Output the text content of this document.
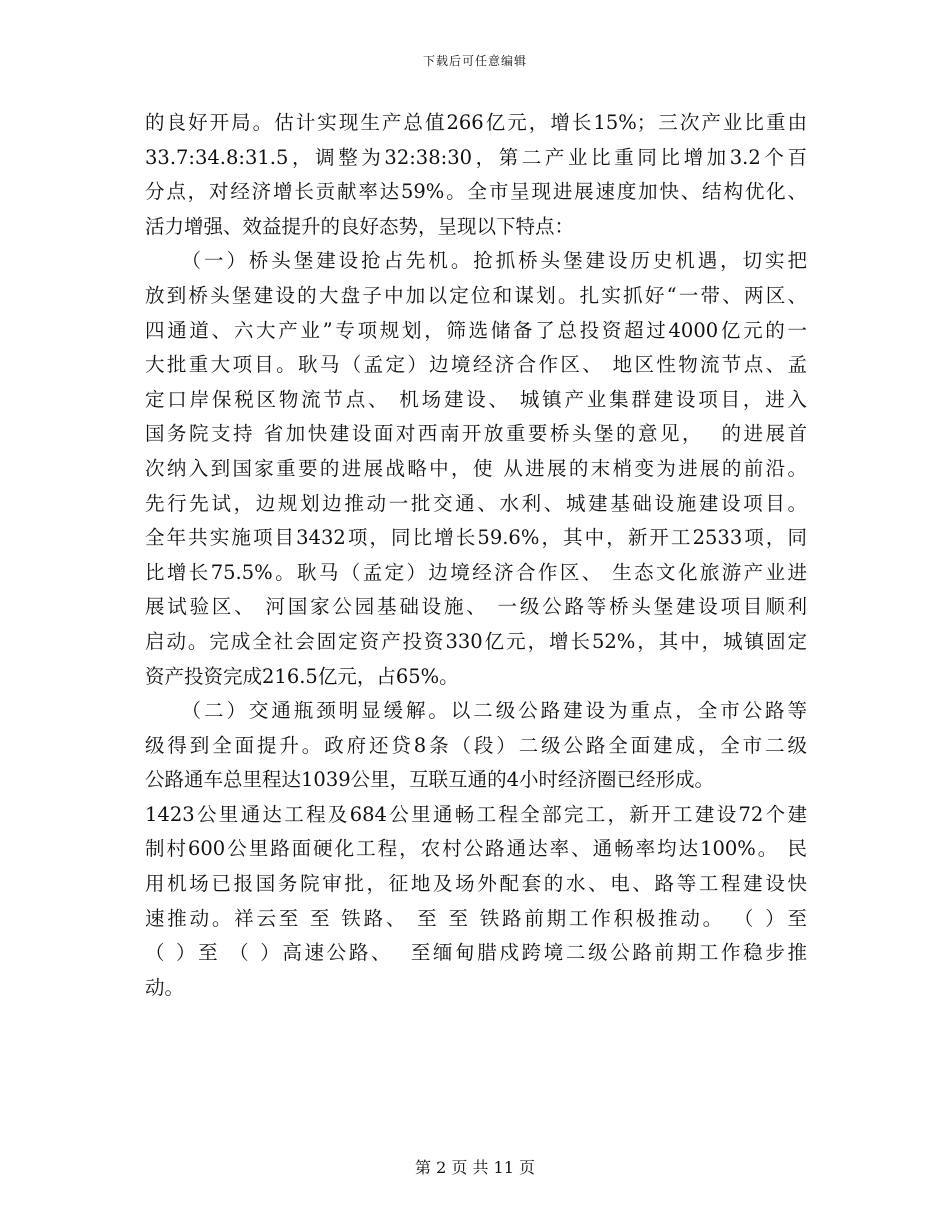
下载后可任意编辑
的良好开局。估计实现生产总值266亿元，增长15%；三次产业比重由
33.7:34.8:31.5，调整为32:38:30，第二产业比重同比增加3.2个百
分点，对经济增长贡献率达59%。全市呈现进展速度加快、结构优化、
活力增强、效益提升的良好态势，呈现以下特点：
（一）桥头堡建设抢占先机。抢抓桥头堡建设历史机遇，切实把
放到桥头堡建设的大盘子中加以定位和谋划。扎实抓好“一带、两区、
四通道、六大产业”专项规划，筛选储备了总投资超过4000亿元的一
大批重大项目。耿马（孟定）边境经济合作区、 地区性物流节点、孟
定口岸保税区物流节点、 机场建设、 城镇产业集群建设项目，进入
国务院支持 省加快建设面对西南开放重要桥头堡的意见，  的进展首
次纳入到国家重要的进展战略中，使 从进展的末梢变为进展的前沿。
先行先试，边规划边推动一批交通、水利、城建基础设施建设项目。
全年共实施项目3432项，同比增长59.6%，其中，新开工2533项，同
比增长75.5%。耿马（孟定）边境经济合作区、 生态文化旅游产业进
展试验区、 河国家公园基础设施、 一级公路等桥头堡建设项目顺利
启动。完成全社会固定资产投资330亿元，增长52%，其中，城镇固定
资产投资完成216.5亿元，占65%。
（二）交通瓶颈明显缓解。以二级公路建设为重点，全市公路等
级得到全面提升。政府还贷8条（段）二级公路全面建成，全市二级
公路通车总里程达1039公里，互联互通的4小时经济圈已经形成。
1423公里通达工程及684公里通畅工程全部完工，新开工建设72个建
制村600公里路面硬化工程，农村公路通达率、通畅率均达100%。 民
用机场已报国务院审批，征地及场外配套的水、电、路等工程建设快
速推动。祥云至 至 铁路、 至 至 铁路前期工作积极推动。 （ ）至
（ ）至 （ ）高速公路、  至缅甸腊戍跨境二级公路前期工作稳步推
动。
第 2 页 共 11 页
